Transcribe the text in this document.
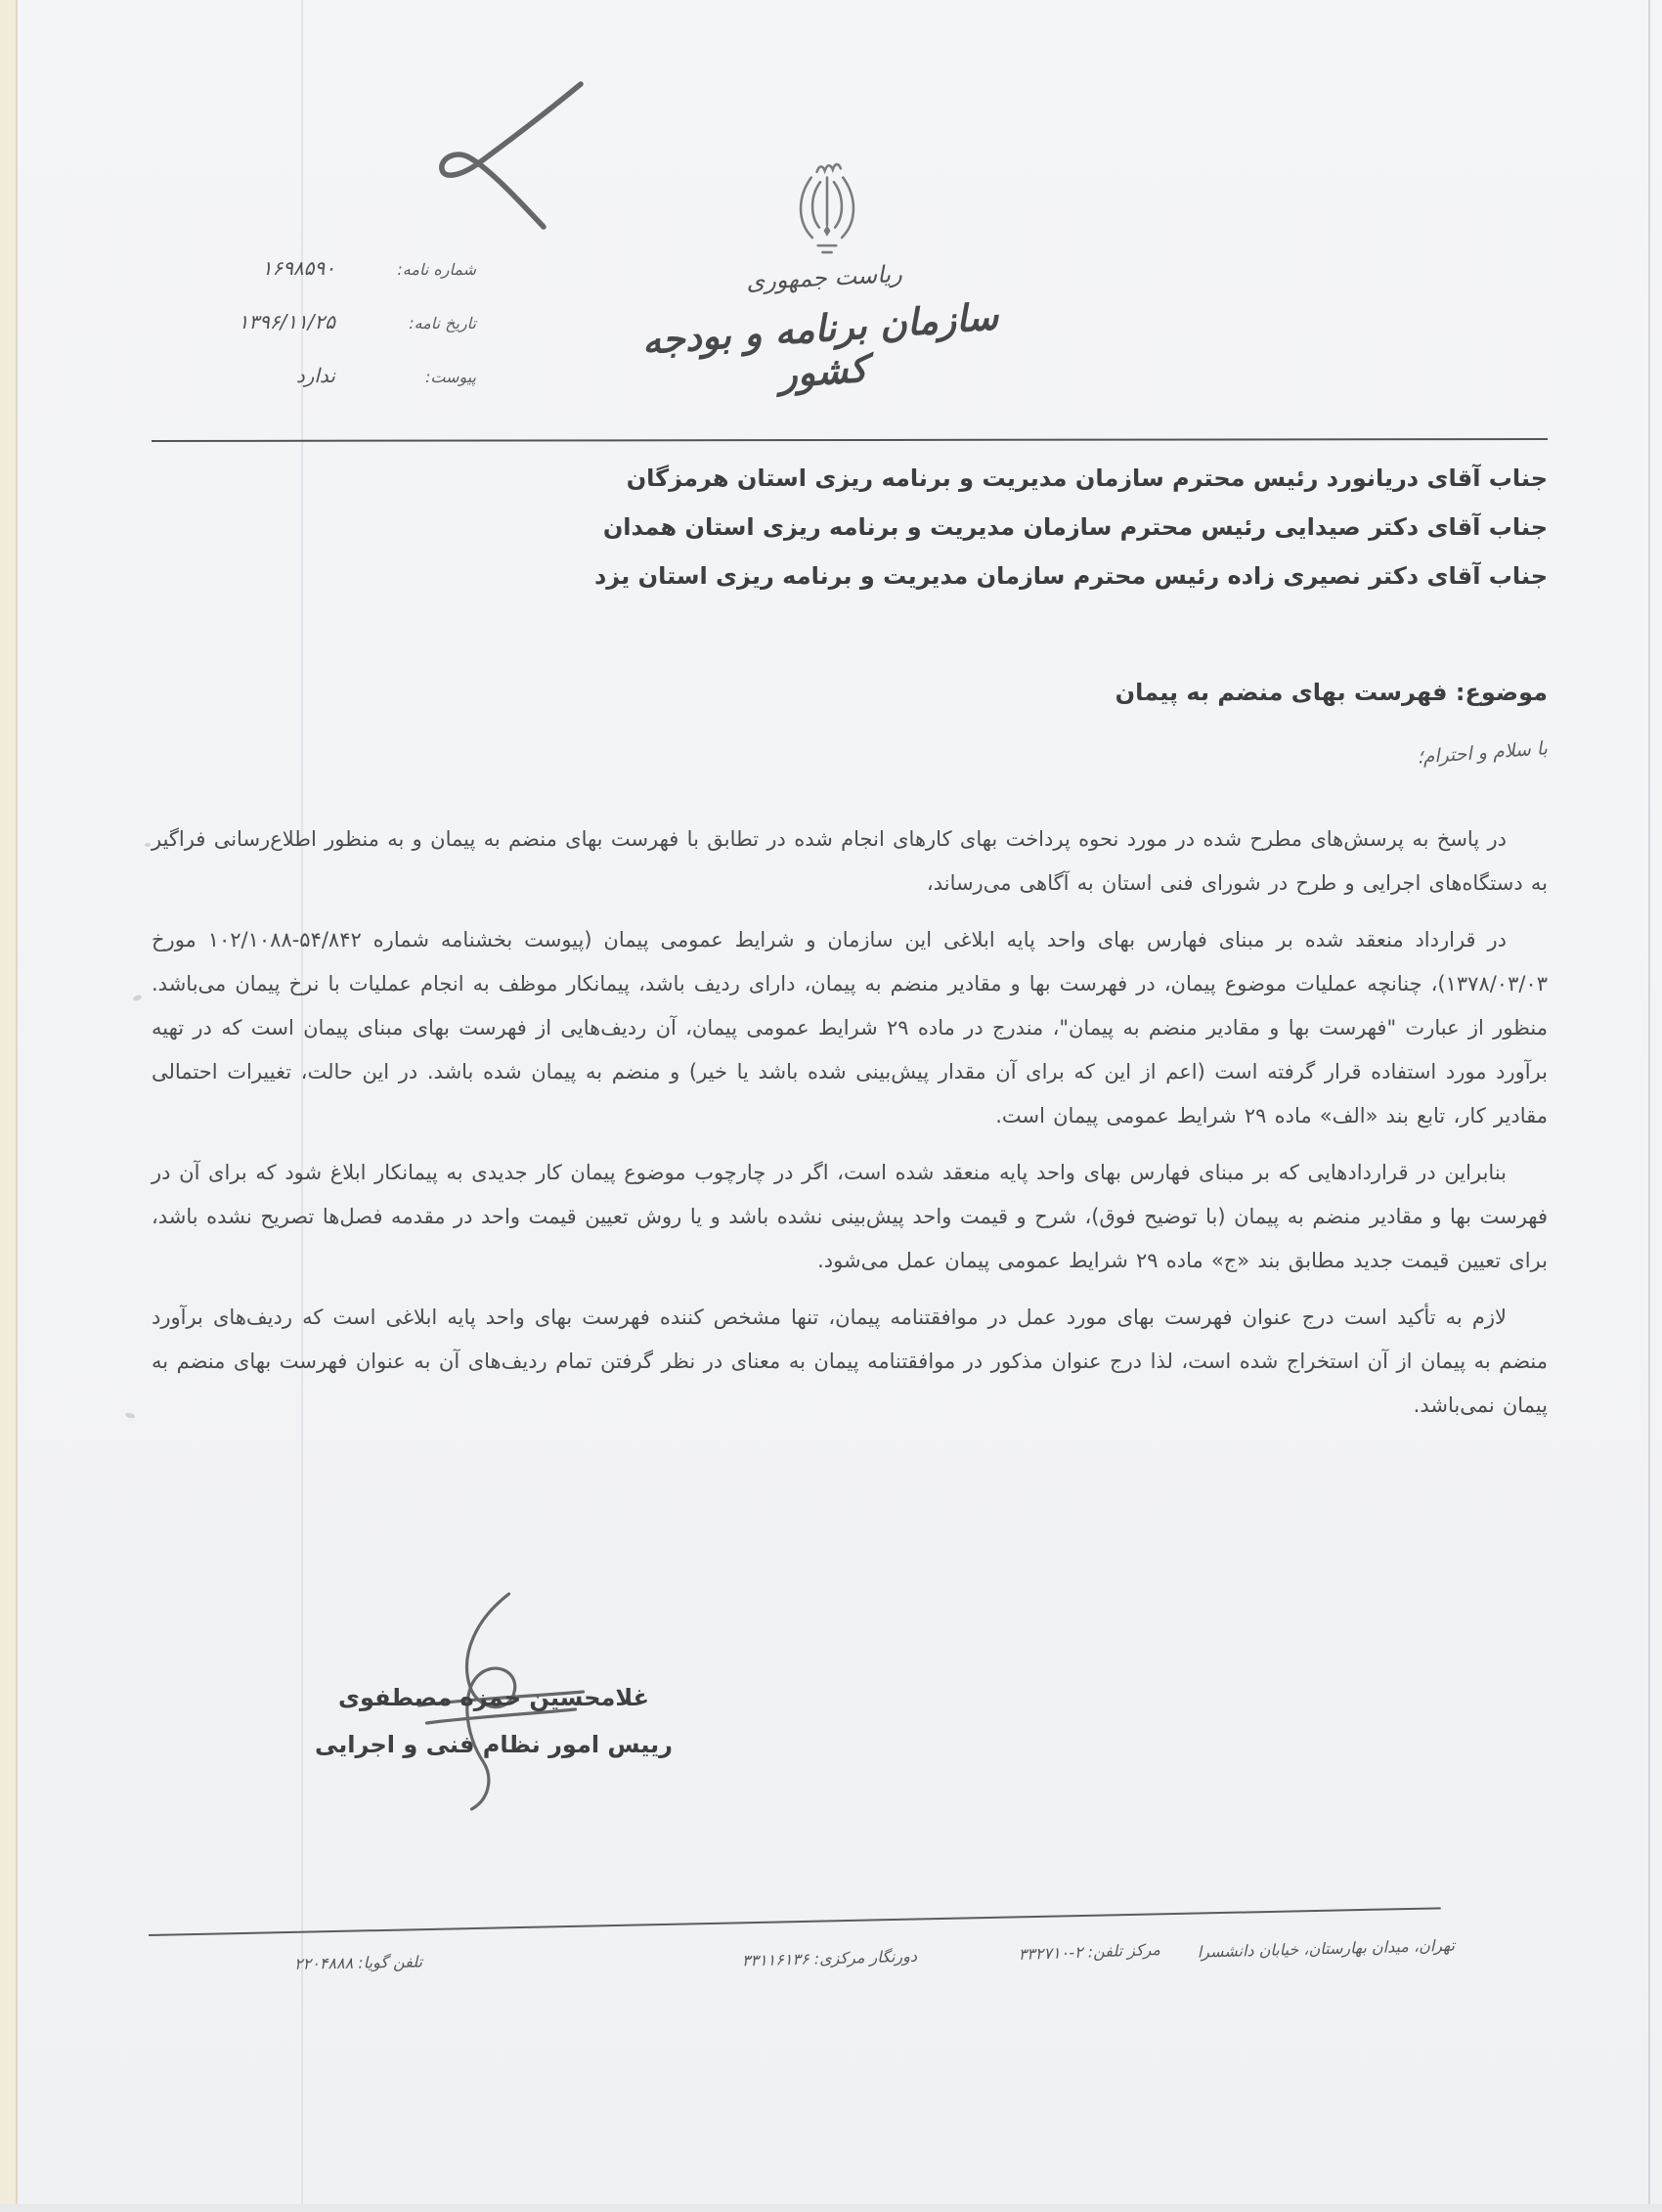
ریاست جمهوری
سازمان برنامه و بودجه کشور
شماره نامه:
۱۶۹۸۵۹۰
تاریخ نامه:
۱۳۹۶/۱۱/۲۵
پیوست:
ندارد
جناب آقای دریانورد رئیس محترم سازمان مدیریت و برنامه ریزی استان هرمزگان
جناب آقای دکتر صیدایی رئیس محترم سازمان مدیریت و برنامه ریزی استان همدان
جناب آقای دکتر نصیری زاده رئیس محترم سازمان مدیریت و برنامه ریزی استان یزد
موضوع: فهرست بهای منضم به پیمان
با سلام و احترام؛

در پاسخ به پرسش‌های مطرح شده در مورد نحوه پرداخت بهای کارهای انجام شده در تطابق با فهرست بهای منضم به پیمان و به منظور اطلاع‌رسانی فراگیر به دستگاه‌های اجرایی و طرح در شورای فنی استان به آگاهی می‌رساند،

در قرارداد منعقد شده بر مبنای فهارس بهای واحد پایه ابلاغی این سازمان و شرایط عمومی پیمان (پیوست بخشنامه شماره ‭۱۰۲/۱۰۸۸-۵۴/۸۴۲‬ مورخ ۱۳۷۸/۰۳/۰۳)، چنانچه عملیات موضوع پیمان، در فهرست بها و مقادیر منضم به پیمان، دارای ردیف باشد، پیمانکار موظف به انجام عملیات با نرخ پیمان می‌باشد. منظور از عبارت "فهرست بها و مقادیر منضم به پیمان"، مندرج در ماده ۲۹ شرایط عمومی پیمان، آن ردیف‌هایی از فهرست بهای مبنای پیمان است که در تهیه برآورد مورد استفاده قرار گرفته است (اعم از این که برای آن مقدار پیش‌بینی شده باشد یا خیر) و منضم به پیمان شده باشد. در این حالت، تغییرات احتمالی مقادیر کار، تابع بند «الف» ماده ۲۹ شرایط عمومی پیمان است.

بنابراین در قراردادهایی که بر مبنای فهارس بهای واحد پایه منعقد شده است، اگر در چارچوب موضوع پیمان کار جدیدی به پیمانکار ابلاغ شود که برای آن در فهرست بها و مقادیر منضم به پیمان (با توضیح فوق)، شرح و قیمت واحد پیش‌بینی نشده باشد و یا روش تعیین قیمت واحد در مقدمه فصل‌ها تصریح نشده باشد، برای تعیین قیمت جدید مطابق بند «ج» ماده ۲۹ شرایط عمومی پیمان عمل می‌شود.

لازم به تأکید است درج عنوان فهرست بهای مورد عمل در موافقتنامه پیمان، تنها مشخص کننده فهرست بهای واحد پایه ابلاغی است که ردیف‌های برآورد منضم به پیمان از آن استخراج شده است، لذا درج عنوان مذکور در موافقتنامه پیمان به معنای در نظر گرفتن تمام ردیف‌های آن به عنوان فهرست بهای منضم به پیمان نمی‌باشد.

غلامحسین حمزه مصطفوی
رییس امور نظام فنی و اجرایی
تهران، میدان بهارستان، خیابان دانشسرا
مرکز تلفن: ‭۳۳۲۷۱۰-۲‬
دورنگار مرکزی: ۳۳۱۱۶۱۳۶
تلفن گویا: ۲۲۰۴۸۸۸
